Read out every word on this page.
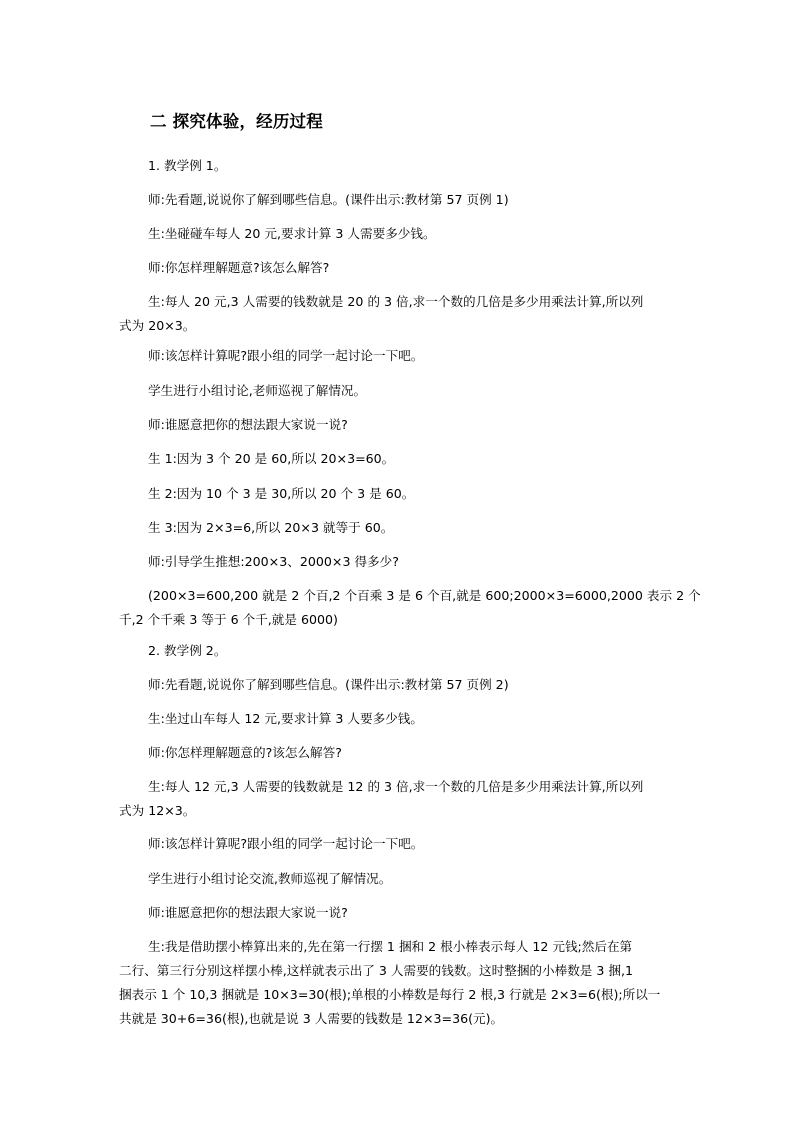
二 探究体验，经历过程
1. 教学例 1。
师:先看题,说说你了解到哪些信息。(课件出示:教材第 57 页例 1)
生:坐碰碰车每人 20 元,要求计算 3 人需要多少钱。
师:你怎样理解题意?该怎么解答?
生:每人 20 元,3 人需要的钱数就是 20 的 3 倍,求一个数的几倍是多少用乘法计算,所以列
式为 20×3。
师:该怎样计算呢?跟小组的同学一起讨论一下吧。
学生进行小组讨论,老师巡视了解情况。
师:谁愿意把你的想法跟大家说一说?
生 1:因为 3 个 20 是 60,所以 20×3=60。
生 2:因为 10 个 3 是 30,所以 20 个 3 是 60。
生 3:因为 2×3=6,所以 20×3 就等于 60。
师:引导学生推想:200×3、2000×3 得多少?
(200×3=600,200 就是 2 个百,2 个百乘 3 是 6 个百,就是 600;2000×3=6000,2000 表示 2 个
千,2 个千乘 3 等于 6 个千,就是 6000)
2. 教学例 2。
师:先看题,说说你了解到哪些信息。(课件出示:教材第 57 页例 2)
生:坐过山车每人 12 元,要求计算 3 人要多少钱。
师:你怎样理解题意的?该怎么解答?
生:每人 12 元,3 人需要的钱数就是 12 的 3 倍,求一个数的几倍是多少用乘法计算,所以列
式为 12×3。
师:该怎样计算呢?跟小组的同学一起讨论一下吧。
学生进行小组讨论交流,教师巡视了解情况。
师:谁愿意把你的想法跟大家说一说?
生:我是借助摆小棒算出来的,先在第一行摆 1 捆和 2 根小棒表示每人 12 元钱;然后在第
二行、第三行分别这样摆小棒,这样就表示出了 3 人需要的钱数。这时整捆的小棒数是 3 捆,1
捆表示 1 个 10,3 捆就是 10×3=30(根);单根的小棒数是每行 2 根,3 行就是 2×3=6(根);所以一
共就是 30+6=36(根),也就是说 3 人需要的钱数是 12×3=36(元)。
